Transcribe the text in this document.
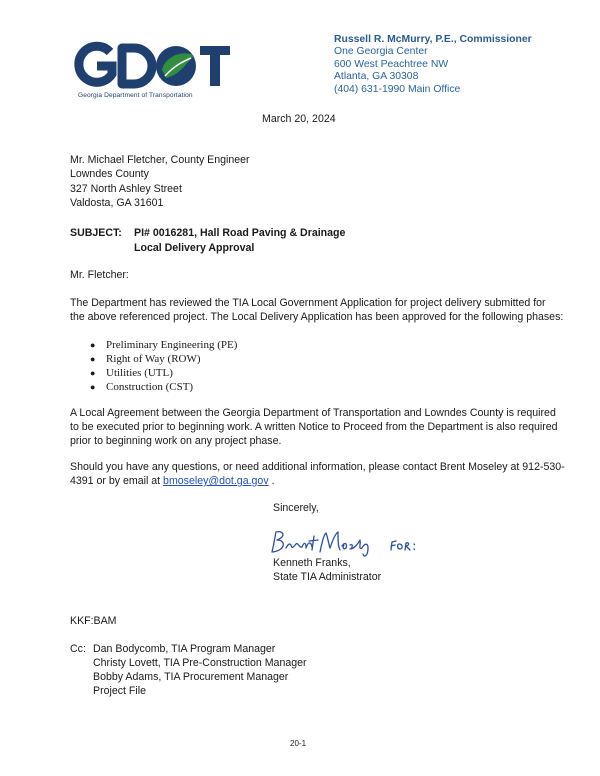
Georgia Department of Transportation
Russell R. McMurry, P.E., Commissioner
One Georgia Center
600 West Peachtree NW
Atlanta, GA 30308
(404) 631-1990 Main Office
March 20, 2024
Mr. Michael Fletcher, County Engineer
Lowndes County
327 North Ashley Street
Valdosta, GA 31601
SUBJECT: PI# 0016281, Hall Road Paving & Drainage
Local Delivery Approval
Mr. Fletcher:
The Department has reviewed the TIA Local Government Application for project delivery submitted for
the above referenced project. The Local Delivery Application has been approved for the following phases:
● Preliminary Engineering (PE)
● Right of Way (ROW)
● Utilities (UTL)
● Construction (CST)
A Local Agreement between the Georgia Department of Transportation and Lowndes County is required
to be executed prior to beginning work. A written Notice to Proceed from the Department is also required
prior to beginning work on any project phase.
Should you have any questions, or need additional information, please contact Brent Moseley at 912-530-
4391 or by email at bmoseley@dot.ga.gov .
Sincerely,
Kenneth Franks,
State TIA Administrator
KKF:BAM
Cc: Dan Bodycomb, TIA Program Manager
Christy Lovett, TIA Pre-Construction Manager
Bobby Adams, TIA Procurement Manager
Project File
20-1
